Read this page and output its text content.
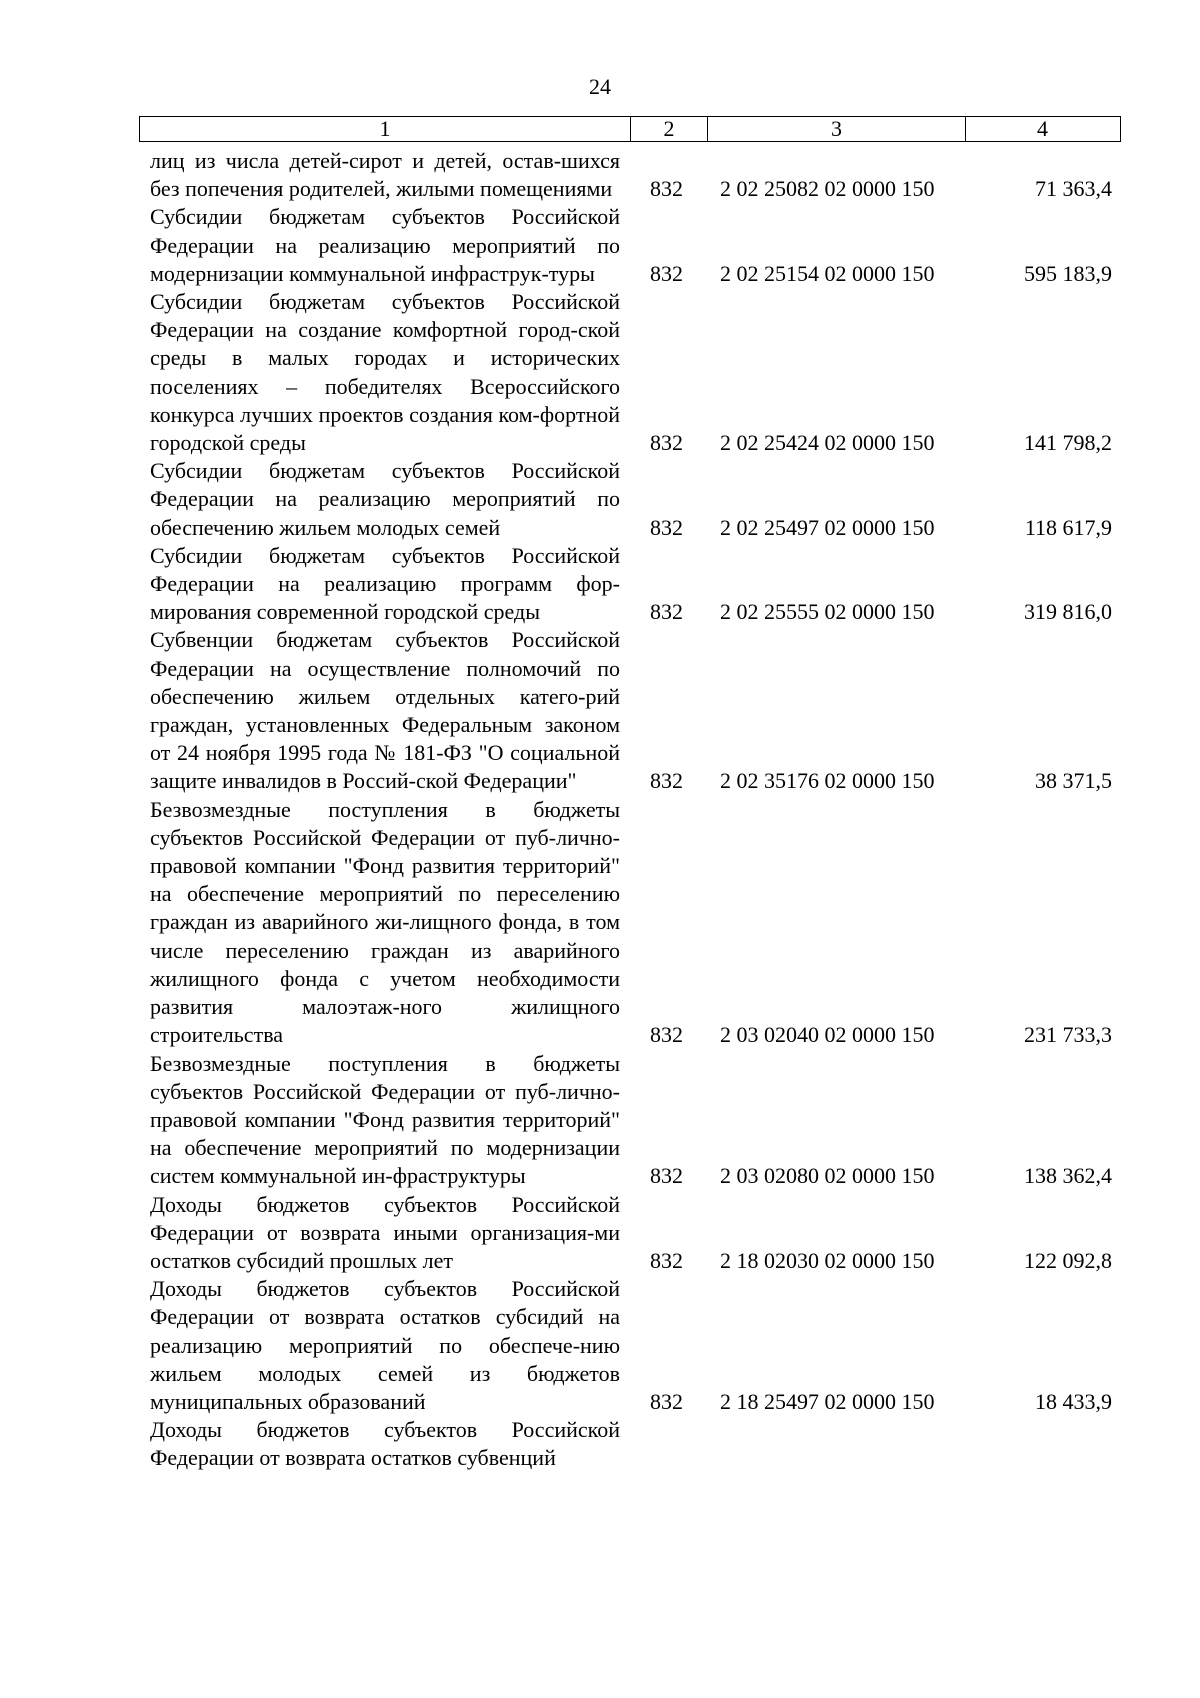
24
1	2	3	4
лиц из числа детей-сирот и детей, остав-шихся без попечения родителей, жилыми помещениями	832 2 02 25082 02 0000 150	71 363,4
Субсидии бюджетам субъектов Российской Федерации на реализацию мероприятий по модернизации коммунальной инфраструк-туры	832 2 02 25154 02 0000 150	595 183,9
Субсидии бюджетам субъектов Российской Федерации на создание комфортной город-ской среды в малых городах и исторических поселениях – победителях Всероссийского конкурса лучших проектов создания ком-фортной городской среды	832 2 02 25424 02 0000 150	141 798,2
Субсидии бюджетам субъектов Российской Федерации на реализацию мероприятий по обеспечению жильем молодых семей	832 2 02 25497 02 0000 150	118 617,9
Субсидии бюджетам субъектов Российской Федерации на реализацию программ фор-мирования современной городской среды	832 2 02 25555 02 0000 150	319 816,0
Субвенции бюджетам субъектов Российской Федерации на осуществление полномочий по обеспечению жильем отдельных катего-рий граждан, установленных Федеральным законом от 24 ноября 1995 года № 181-ФЗ "О социальной защите инвалидов в Россий-ской Федерации"	832 2 02 35176 02 0000 150	38 371,5
Безвозмездные поступления в бюджеты субъектов Российской Федерации от пуб-лично-правовой компании "Фонд развития территорий" на обеспечение мероприятий по переселению граждан из аварийного жи-лищного фонда, в том числе переселению граждан из аварийного жилищного фонда с учетом необходимости развития малоэтаж-ного жилищного строительства	832 2 03 02040 02 0000 150	231 733,3
Безвозмездные поступления в бюджеты субъектов Российской Федерации от пуб-лично-правовой компании "Фонд развития территорий" на обеспечение мероприятий по модернизации систем коммунальной ин-фраструктуры	832 2 03 02080 02 0000 150	138 362,4
Доходы бюджетов субъектов Российской Федерации от возврата иными организация-ми остатков субсидий прошлых лет	832 2 18 02030 02 0000 150	122 092,8
Доходы бюджетов субъектов Российской Федерации от возврата остатков субсидий на реализацию мероприятий по обеспече-нию жильем молодых семей из бюджетов муниципальных образований	832 2 18 25497 02 0000 150	18 433,9
Доходы бюджетов субъектов Российской Федерации от возврата остатков субвенций
